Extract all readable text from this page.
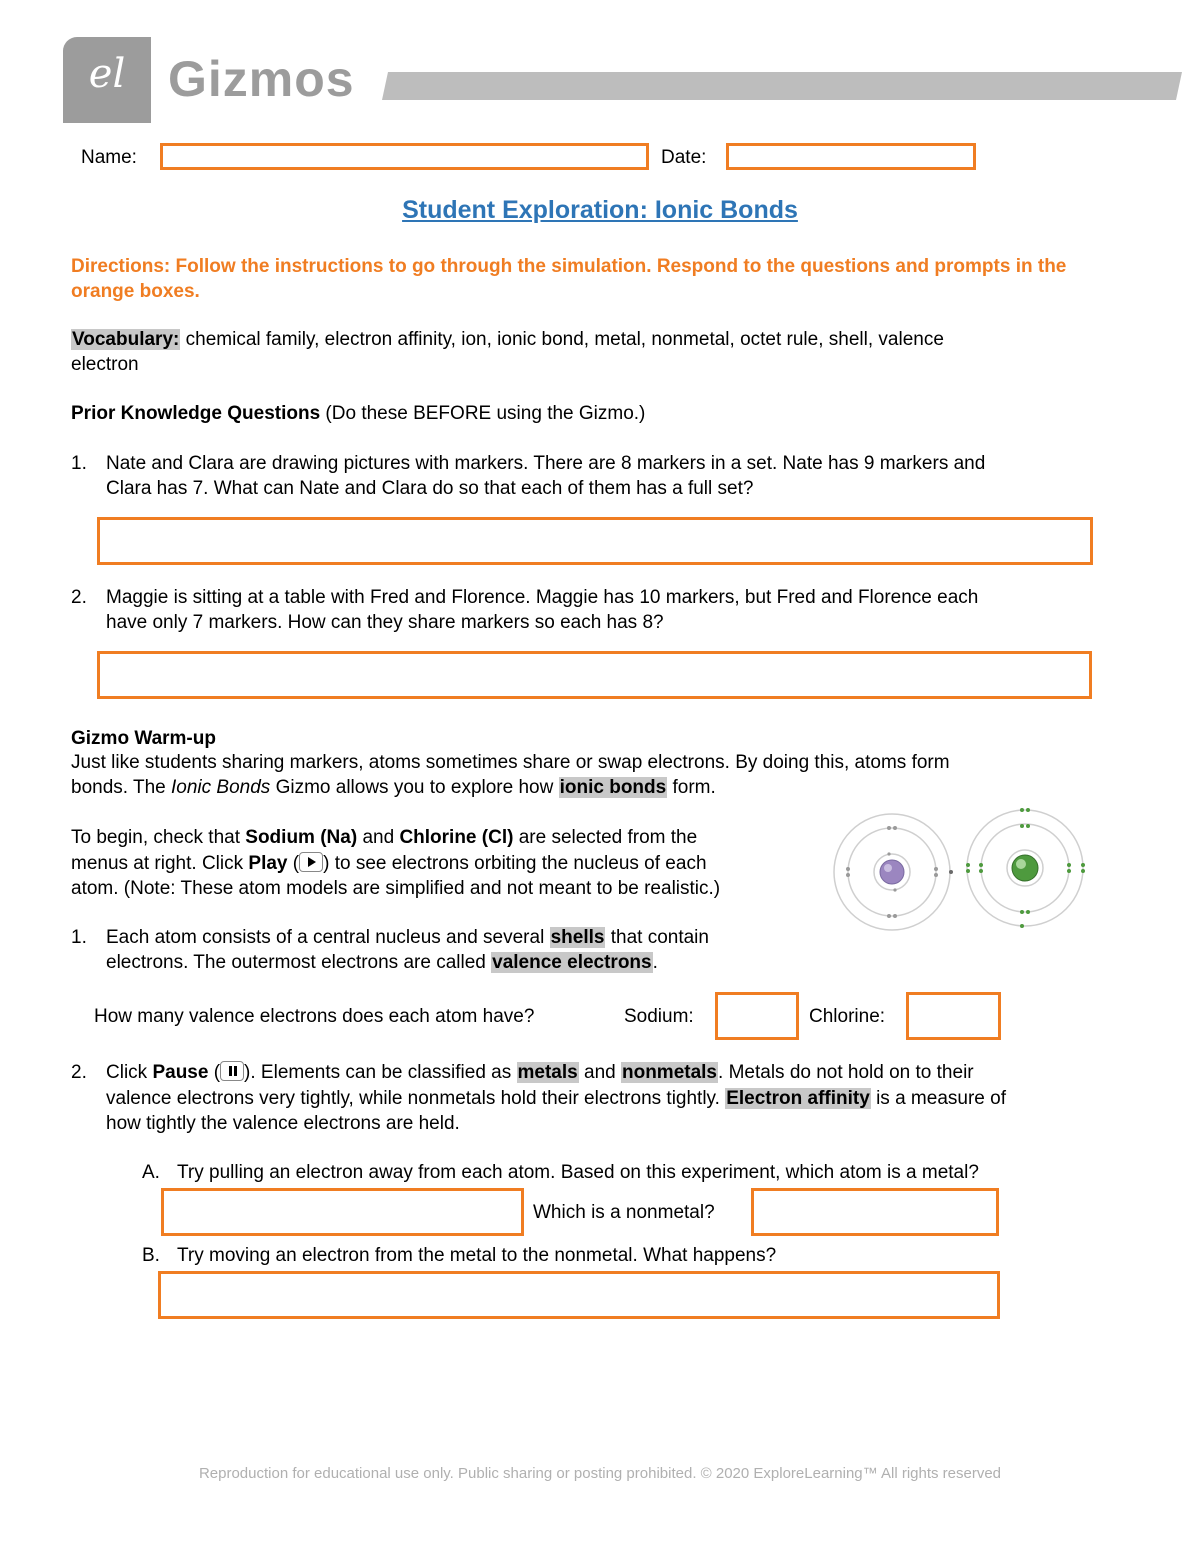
el Gizmos
Name:	Date:
Student Exploration: Ionic Bonds
Directions: Follow the instructions to go through the simulation. Respond to the questions and prompts in the orange boxes.
Vocabulary: chemical family, electron affinity, ion, ionic bond, metal, nonmetal, octet rule, shell, valence
electron
Prior Knowledge Questions (Do these BEFORE using the Gizmo.)
1. Nate and Clara are drawing pictures with markers. There are 8 markers in a set. Nate has 9 markers and
Clara has 7. What can Nate and Clara do so that each of them has a full set?
2. Maggie is sitting at a table with Fred and Florence. Maggie has 10 markers, but Fred and Florence each
have only 7 markers. How can they share markers so each has 8?
Gizmo Warm-up
Just like students sharing markers, atoms sometimes share or swap electrons. By doing this, atoms form
bonds. The Ionic Bonds Gizmo allows you to explore how ionic bonds form.
To begin, check that Sodium (Na) and Chlorine (Cl) are selected from the
menus at right. Click Play ( ) to see electrons orbiting the nucleus of each
atom. (Note: These atom models are simplified and not meant to be realistic.)
1. Each atom consists of a central nucleus and several shells that contain
electrons. The outermost electrons are called valence electrons.
How many valence electrons does each atom have?	Sodium:	Chlorine:
2. Click Pause ( ). Elements can be classified as metals and nonmetals. Metals do not hold on to their
valence electrons very tightly, while nonmetals hold their electrons tightly. Electron affinity is a measure of
how tightly the valence electrons are held.
A. Try pulling an electron away from each atom. Based on this experiment, which atom is a metal?
Which is a nonmetal?
B. Try moving an electron from the metal to the nonmetal. What happens?
Reproduction for educational use only. Public sharing or posting prohibited. © 2020 ExploreLearning™ All rights reserved
